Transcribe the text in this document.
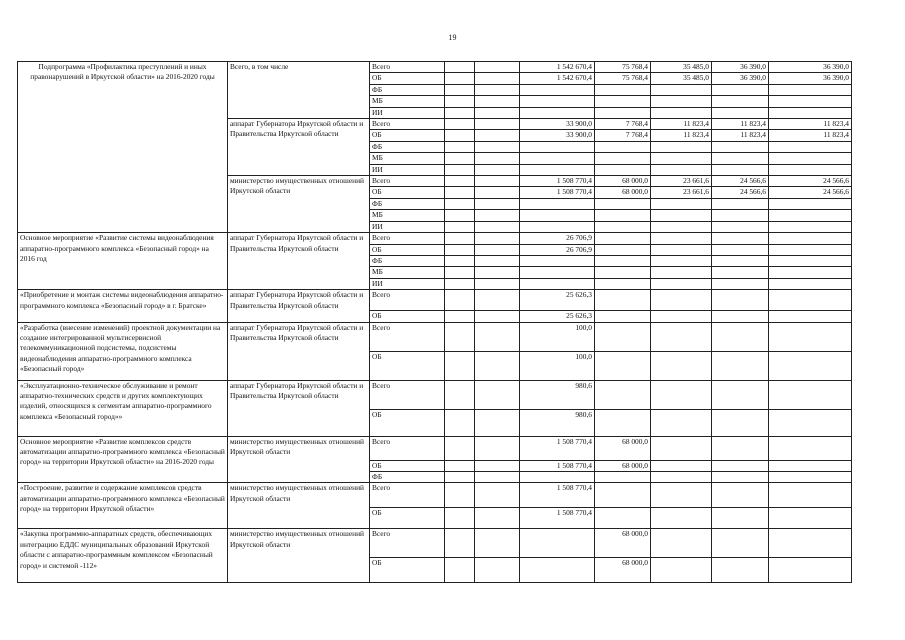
19
Подпрограмма «Профилактика преступлений и иных правонарушений в Иркутской области» на 2016-2020 годы	Всего, в том числе	Всего			1 542 670,4	75 768,4	35 485,0	36 390,0	36 390,0
		ОБ			1 542 670,4	75 768,4	35 485,0	36 390,0	36 390,0
		ФБ							
		МБ							
		ИИ							
	аппарат Губернатора Иркутской области и Правительства Иркутской области	Всего			33 900,0	7 768,4	11 823,4	11 823,4	11 823,4
		ОБ			33 900,0	7 768,4	11 823,4	11 823,4	11 823,4
		ФБ							
		МБ							
		ИИ							
	министерство имущественных отношений Иркутской области	Всего			1 508 770,4	68 000,0	23 661,6	24 566,6	24 566,6
		ОБ			1 508 770,4	68 000,0	23 661,6	24 566,6	24 566,6
		ФБ							
		МБ							
		ИИ							
Основное мероприятие «Развитие системы видеонаблюдения аппаратно-программного комплекса «Безопасный город» на 2016 год	аппарат Губернатора Иркутской области и Правительства Иркутской области	Всего			26 706,9				
		ОБ			26 706,9				
		ФБ							
		МБ							
		ИИ							
«Приобретение и монтаж системы видеонаблюдения аппаратно-программного комплекса «Безопасный город» в г. Братске»	аппарат Губернатора Иркутской области и Правительства Иркутской области	Всего			25 626,3				
		ОБ			25 626,3				
«Разработка (внесение изменений) проектной документации на создание интегрированной мультисервисной телекоммуникационной подсистемы, подсистемы видеонаблюдения аппаратно-программного комплекса «Безопасный город»	аппарат Губернатора Иркутской области и Правительства Иркутской области	Всего			100,0				
		ОБ			100,0				
«Эксплуатационно-техническое обслуживание и ремонт аппаратно-технических средств и других комплектующих изделий, относящихся к сегментам аппаратно-программного комплекса «Безопасный город»»	аппарат Губернатора Иркутской области и Правительства Иркутской области	Всего			980,6				
		ОБ			980,6				
Основное мероприятие «Развитие комплексов средств автоматизации аппаратно-программного комплекса «Безопасный город» на территории Иркутской области» на 2016-2020 годы	министерство имущественных отношений Иркутской области	Всего			1 508 770,4	68 000,0			
		ОБ			1 508 770,4	68 000,0			
		ФБ							
«Построение, развитие и содержание комплексов средств автоматизации аппаратно-программного комплекса «Безопасный город» на территории Иркутской области»	министерство имущественных отношений Иркутской области	Всего			1 508 770,4				
		ОБ			1 508 770,4				
«Закупка программно-аппаратных средств, обеспечивающих интеграцию ЕДДС муниципальных образований Иркутской области с аппаратно-программным комплексом «Безопасный город» и системой -112»	министерство имущественных отношений Иркутской области	Всего				68 000,0			
		ОБ				68 000,0			
